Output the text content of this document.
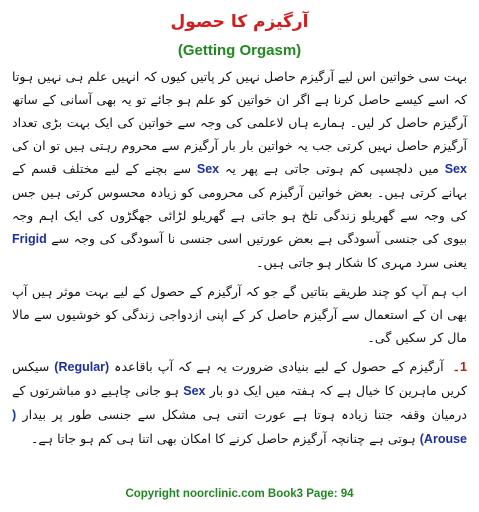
آرگیزم کا حصول
(Getting Orgasm)

بہت سی خواتین اس لیے آرگیزم حاصل نہیں کر پاتیں کیوں کہ انہیں علم ہی نہیں ہوتا کہ اسے کیسے حاصل کرنا ہے اگر ان خواتین کو علم ہو جائے تو یہ بھی آسانی کے ساتھ آرگیزم حاصل کر لیں۔ ہمارے ہاں لاعلمی کی وجہ سے خواتین کی ایک بہت بڑی تعداد آرگیزم حاصل نہیں کرتی جب یہ خواتین بار بار آرگیزم سے محروم رہتی ہیں تو ان کی Sex میں دلچسپی کم ہوتی جاتی ہے پھر یہ Sex سے بچنے کے لیے مختلف قسم کے بہانے کرتی ہیں۔ بعض خواتین آرگیزم کی محرومی کو زیادہ محسوس کرتی ہیں جس کی وجہ سے گھریلو زندگی تلخ ہو جاتی ہے گھریلو لڑائی جھگڑوں کی ایک اہم وجہ بیوی کی جنسی آسودگی ہے بعض عورتیں اسی جنسی نا آسودگی کی وجہ سے Frigid یعنی سرد مہری کا شکار ہو جاتی ہیں۔

اب ہم آپ کو چند طریقے بتاتیں گے جو کہ آرگیزم کے حصول کے لیے بہت موثر ہیں آپ بھی ان کے استعمال سے آرگیزم حاصل کر کے اپنی ازدواجی زندگی کو خوشیوں سے مالا مال کر سکیں گی۔

1۔ آرگیزم کے حصول کے لیے بنیادی ضرورت یہ ہے کہ آپ باقاعدہ (Regular) سیکس کریں ماہرین کا خیال ہے کہ ہفتہ میں ایک دو بار Sex ہو جانی چاہیے دو مباشرتوں کے درمیان وقفہ جتنا زیادہ ہوتا ہے عورت اتنی ہی مشکل سے جنسی طور پر بیدار ( Arouse) ہوتی ہے چنانچہ آرگیزم حاصل کرنے کا امکان بھی اتنا ہی کم ہو جاتا ہے۔

Copyright noorclinic.com Book3 Page: 94
